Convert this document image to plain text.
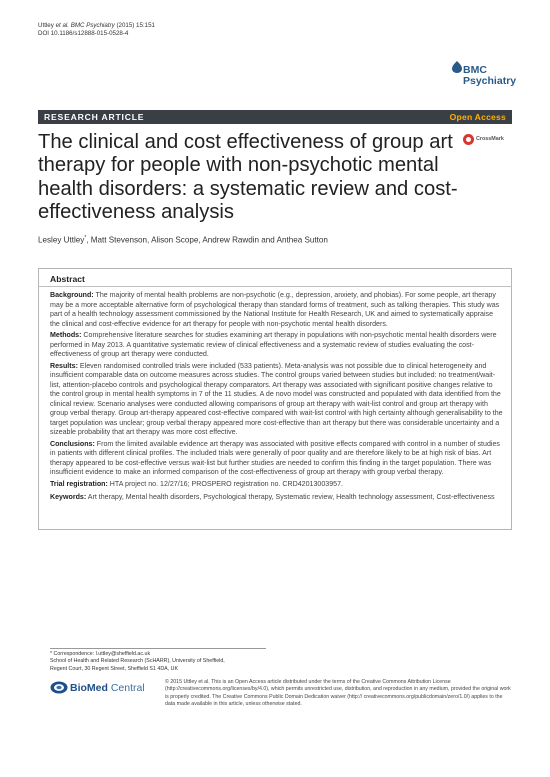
Uttley et al. BMC Psychiatry (2015) 15:151
DOI 10.1186/s12888-015-0528-4
BMC
Psychiatry
RESEARCH ARTICLE	Open Access
The clinical and cost effectiveness of group art therapy for people with non-psychotic mental health disorders: a systematic review and cost-effectiveness analysis
CrossMark
Lesley Uttley*, Matt Stevenson, Alison Scope, Andrew Rawdin and Anthea Sutton
Abstract

Background: The majority of mental health problems are non-psychotic (e.g., depression, anxiety, and phobias). For some people, art therapy may be a more acceptable alternative form of psychological therapy than standard forms of treatment, such as talking therapies. This study was part of a health technology assessment commissioned by the National Institute for Health Research, UK and aimed to systematically appraise the clinical and cost-effective evidence for art therapy for people with non-psychotic mental health disorders.

Methods: Comprehensive literature searches for studies examining art therapy in populations with non-psychotic mental health disorders were performed in May 2013. A quantitative systematic review of clinical effectiveness and a systematic review of studies evaluating the cost-effectiveness of group art therapy were conducted.

Results: Eleven randomised controlled trials were included (533 patients). Meta-analysis was not possible due to clinical heterogeneity and insufficient comparable data on outcome measures across studies. The control groups varied between studies but included: no treatment/wait-list, attention-placebo controls and psychological therapy comparators. Art therapy was associated with significant positive changes relative to the control group in mental health symptoms in 7 of the 11 studies. A de novo model was constructed and populated with data identified from the clinical review. Scenario analyses were conducted allowing comparisons of group art therapy with wait-list control and group art therapy with group verbal therapy. Group art-therapy appeared cost-effective compared with wait-list control with high certainty although generalisability to the target population was unclear; group verbal therapy appeared more cost-effective than art therapy but there was considerable uncertainty and a sizeable probability that art therapy was more cost effective.

Conclusions: From the limited available evidence art therapy was associated with positive effects compared with control in a number of studies in patients with different clinical profiles. The included trials were generally of poor quality and are therefore likely to be at high risk of bias. Art therapy appeared to be cost-effective versus wait-list but further studies are needed to confirm this finding in the target population. There was insufficient evidence to make an informed comparison of the cost-effectiveness of group art therapy with group verbal therapy.

Trial registration: HTA project no. 12/27/16; PROSPERO registration no. CRD42013003957.

Keywords: Art therapy, Mental health disorders, Psychological therapy, Systematic review, Health technology assessment, Cost-effectiveness

* Correspondence: l.uttley@sheffield.ac.uk
School of Health and Related Research (ScHARR), University of Sheffield,
Regent Court, 30 Regent Street, Sheffield S1 4DA, UK
BioMed Central	© 2015 Uttley et al. This is an Open Access article distributed under the terms of the Creative Commons Attribution License (http://creativecommons.org/licenses/by/4.0), which permits unrestricted use, distribution, and reproduction in any medium, provided the original work is properly credited. The Creative Commons Public Domain Dedication waiver (http:// creativecommons.org/publicdomain/zero/1.0/) applies to the data made available in this article, unless otherwise stated.
